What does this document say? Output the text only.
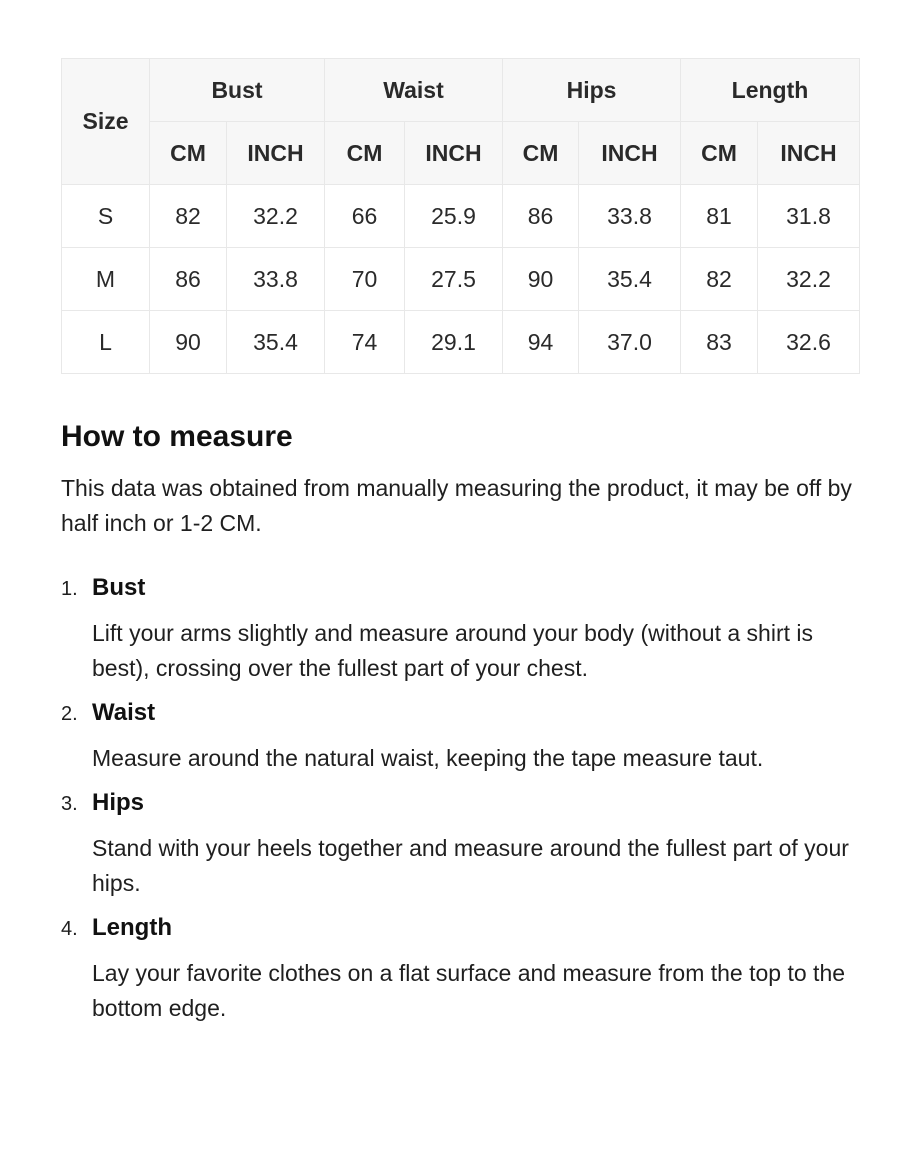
Size	Bust		Waist		Hips		Length	
	CM	INCH	CM	INCH	CM	INCH	CM	INCH
S	82	32.2	66	25.9	86	33.8	81	31.8
M	86	33.8	70	27.5	90	35.4	82	32.2
L	90	35.4	74	29.1	94	37.0	83	32.6
How to measure

This data was obtained from manually measuring the product, it may be off by half inch or 1-2 CM.

1. Bust

Lift your arms slightly and measure around your body (without a shirt is best), crossing over the fullest part of your chest.

2. Waist

Measure around the natural waist, keeping the tape measure taut.

3. Hips

Stand with your heels together and measure around the fullest part of your hips.

4. Length

Lay your favorite clothes on a flat surface and measure from the top to the bottom edge.
